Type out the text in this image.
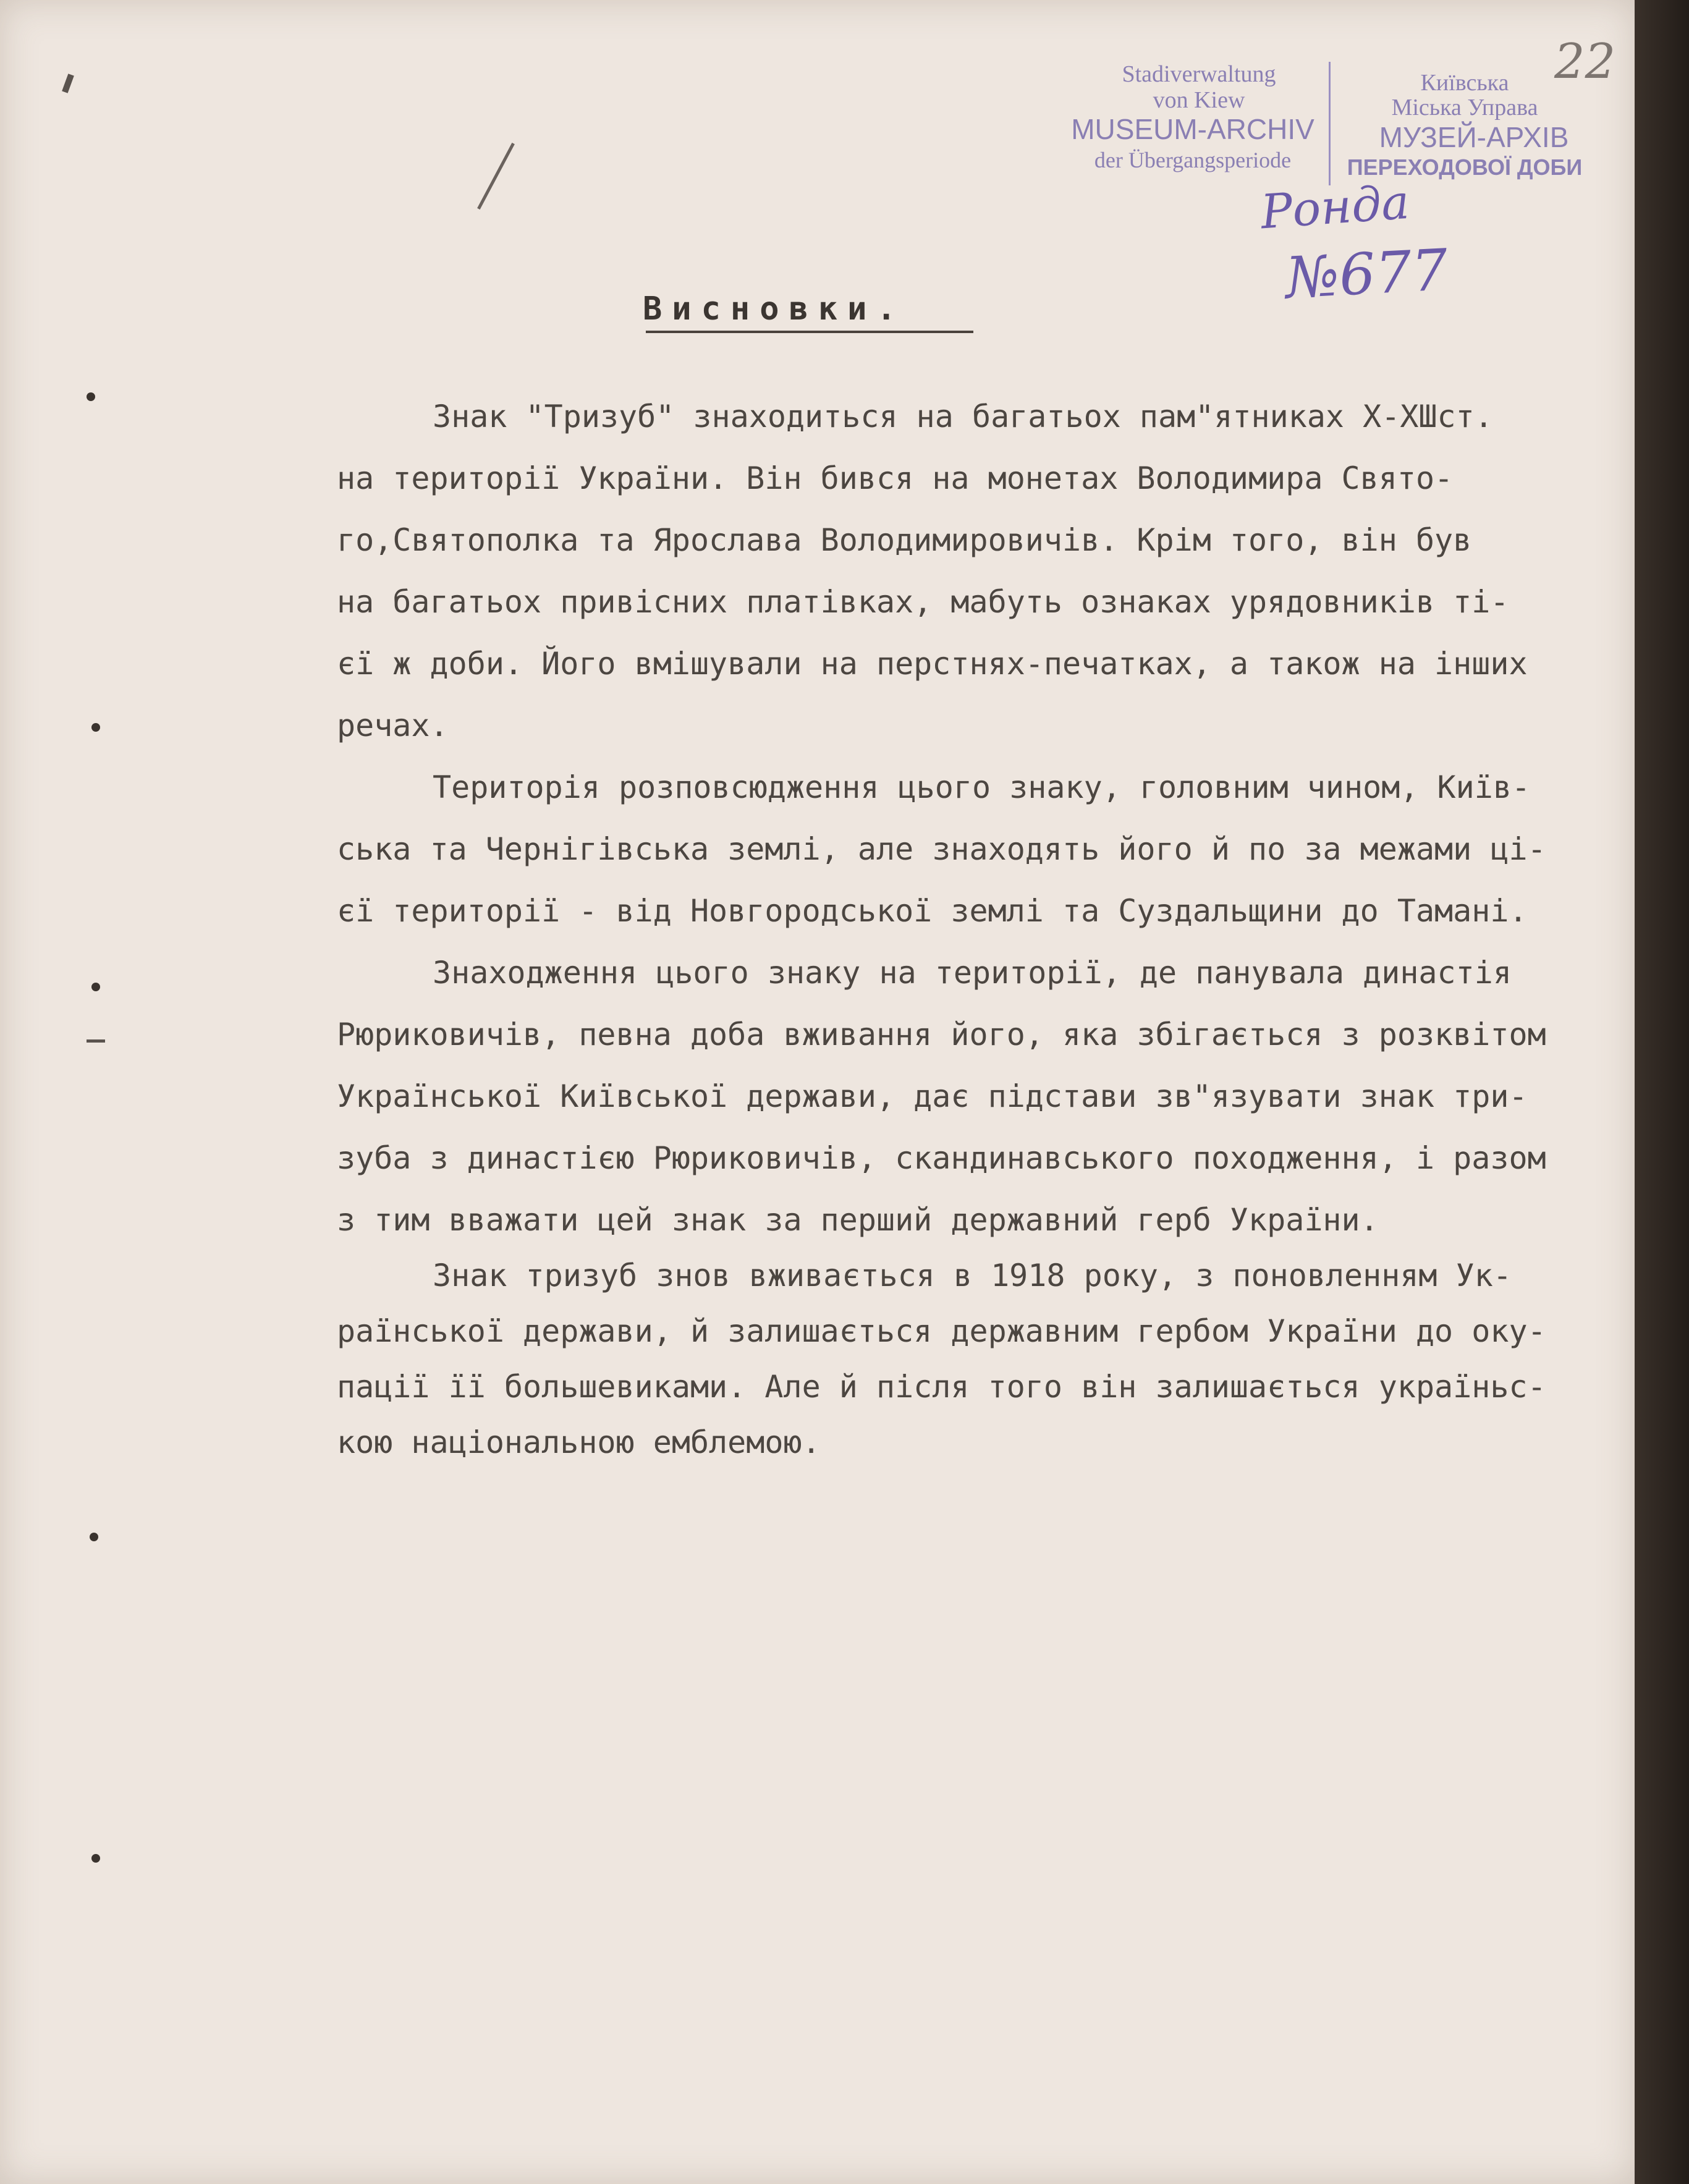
22
Stadiverwaltung
von Kiew
MUSEUM-ARCHIV
der Übergangsperiode
Київська
Міська Управа
МУЗЕЙ-АРХІВ
ПЕРЕХОДОВОЇ ДОБИ
Ронда
№677
Висновки.
Знак "Тризуб" знаходиться на багатьох пам"ятниках Х-ХШст.
на території України. Він бився на монетах Володимира Свято-
го,Святополка та Ярослава Володимировичів. Крім того, він був
на багатьох привісних платівках, мабуть ознаках урядовників ті-
єї ж доби. Його вмішували на перстнях-печатках, а також на інших
речах.
Територія розповсюдження цього знаку, головним чином, Київ-
ська та Чернігівська землі, але знаходять його й по за межами ці-
єї території - від Новгородської землі та Суздальщини до Тамані.
Знаходження цього знаку на території, де панувала династія
Рюриковичів, певна доба вживання його, яка збігається з розквітом
Української Київської держави, дає підстави зв"язувати знак три-
зуба з династією Рюриковичів, скандинавського походження, і разом
з тим вважати цей знак за перший державний герб України.
Знак тризуб знов вживається в 1918 року, з поновленням Ук-
раїнської держави, й залишається державним гербом України до оку-
пації її большевиками. Але й після того він залишається україньс-
кою національною емблемою.
